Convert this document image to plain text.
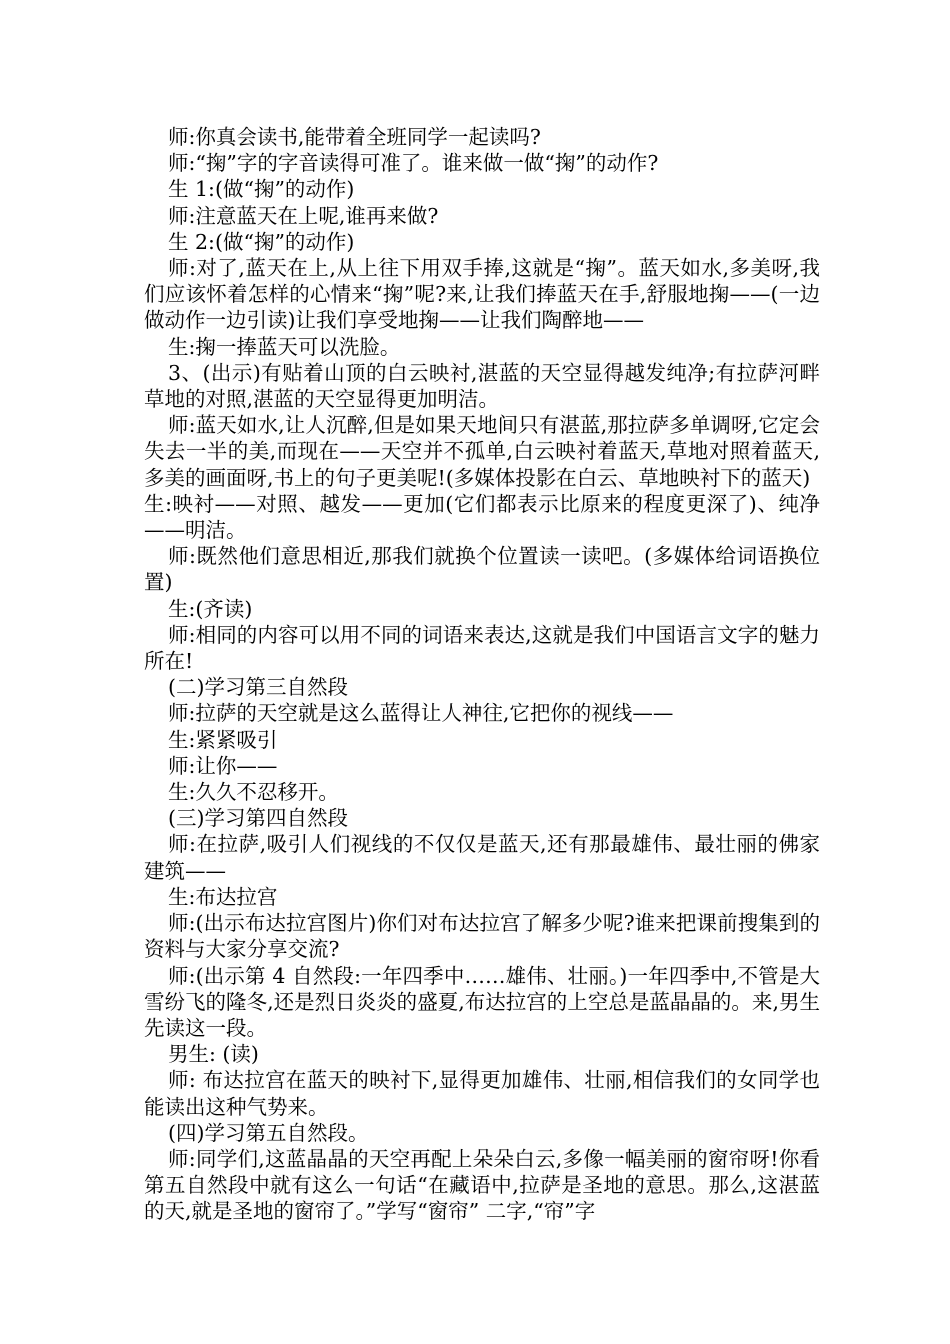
师:你真会读书,能带着全班同学一起读吗?

师:“掬”字的字音读得可准了。谁来做一做“掬”的动作?

生 1:(做“掬”的动作)

师:注意蓝天在上呢,谁再来做?

生 2:(做“掬”的动作)

师:对了,蓝天在上,从上往下用双手捧,这就是“掬”。蓝天如水,多美呀,我们应该怀着怎样的心情来“掬”呢?来,让我们捧蓝天在手,舒服地掬——(一边做动作一边引读)让我们享受地掬——让我们陶醉地——

生:掬一捧蓝天可以洗脸。

3、(出示)有贴着山顶的白云映衬,湛蓝的天空显得越发纯净;有拉萨河畔草地的对照,湛蓝的天空显得更加明洁。

师:蓝天如水,让人沉醉,但是如果天地间只有湛蓝,那拉萨多单调呀,它定会失去一半的美,而现在——天空并不孤单,白云映衬着蓝天,草地对照着蓝天,多美的画面呀,书上的句子更美呢!(多媒体投影在白云、草地映衬下的蓝天)

生:映衬——对照、越发——更加(它们都表示比原来的程度更深了)、纯净——明洁。

师:既然他们意思相近,那我们就换个位置读一读吧。(多媒体给词语换位置)

生:(齐读)

师:相同的内容可以用不同的词语来表达,这就是我们中国语言文字的魅力所在!

(二)学习第三自然段

师:拉萨的天空就是这么蓝得让人神往,它把你的视线——

生:紧紧吸引

师:让你——

生:久久不忍移开。

(三)学习第四自然段

师:在拉萨,吸引人们视线的不仅仅是蓝天,还有那最雄伟、最壮丽的佛家建筑——

生:布达拉宫

师:(出示布达拉宫图片)你们对布达拉宫了解多少呢?谁来把课前搜集到的资料与大家分享交流?

师:(出示第 4 自然段:一年四季中……雄伟、壮丽。)一年四季中,不管是大雪纷飞的隆冬,还是烈日炎炎的盛夏,布达拉宫的上空总是蓝晶晶的。来,男生先读这一段。

男生: (读)

师: 布达拉宫在蓝天的映衬下,显得更加雄伟、壮丽,相信我们的女同学也能读出这种气势来。

(四)学习第五自然段。

师:同学们,这蓝晶晶的天空再配上朵朵白云,多像一幅美丽的窗帘呀!你看第五自然段中就有这么一句话“在藏语中,拉萨是圣地的意思。那么,这湛蓝的天,就是圣地的窗帘了。”学写“窗帘” 二字,“帘”字
